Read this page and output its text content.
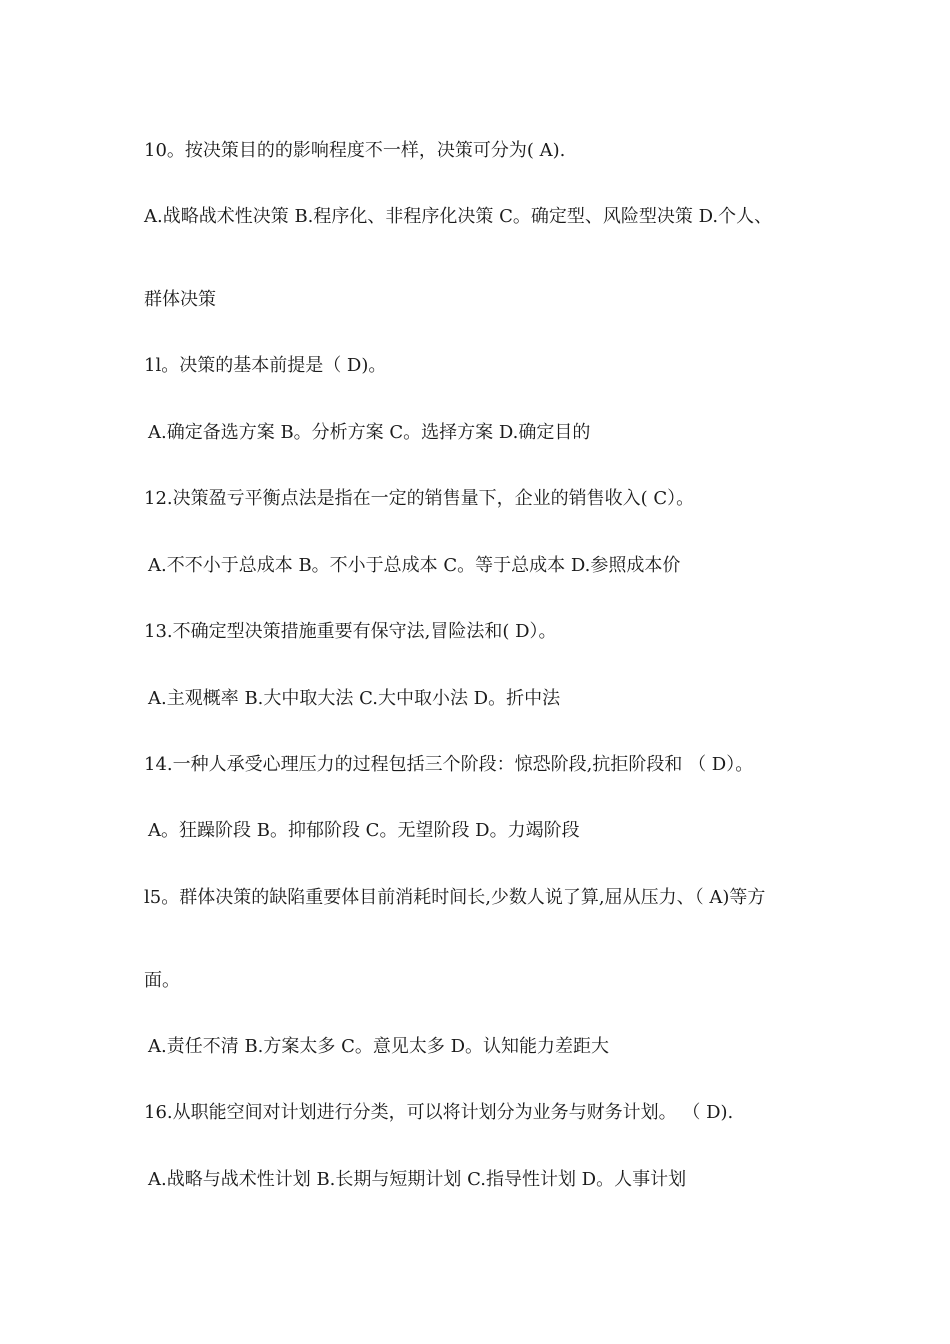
10。按决策目的的影响程度不一样，决策可分为( A).

A.战略战术性决策 B.程序化、非程序化决策 C。确定型、风险型决策 D.个人、

群体决策

1l。决策的基本前提是（ D)。

A.确定备选方案 B。分析方案 C。选择方案 D.确定目的

12.决策盈亏平衡点法是指在一定的销售量下，企业的销售收入( C）。

A.不不小于总成本 B。不小于总成本 C。等于总成本 D.参照成本价

13.不确定型决策措施重要有保守法,冒险法和( D）。

A.主观概率 B.大中取大法 C.大中取小法 D。折中法

14.一种人承受心理压力的过程包括三个阶段：惊恐阶段,抗拒阶段和 （ D）。

A。狂躁阶段 B。抑郁阶段 C。无望阶段 D。力竭阶段

l5。群体决策的缺陷重要体目前消耗时间长,少数人说了算,屈从压力、（ A)等方

面。

A.责任不清 B.方案太多 C。意见太多 D。认知能力差距大

16.从职能空间对计划进行分类，可以将计划分为业务与财务计划。 （ D).

A.战略与战术性计划 B.长期与短期计划 C.指导性计划 D。人事计划
